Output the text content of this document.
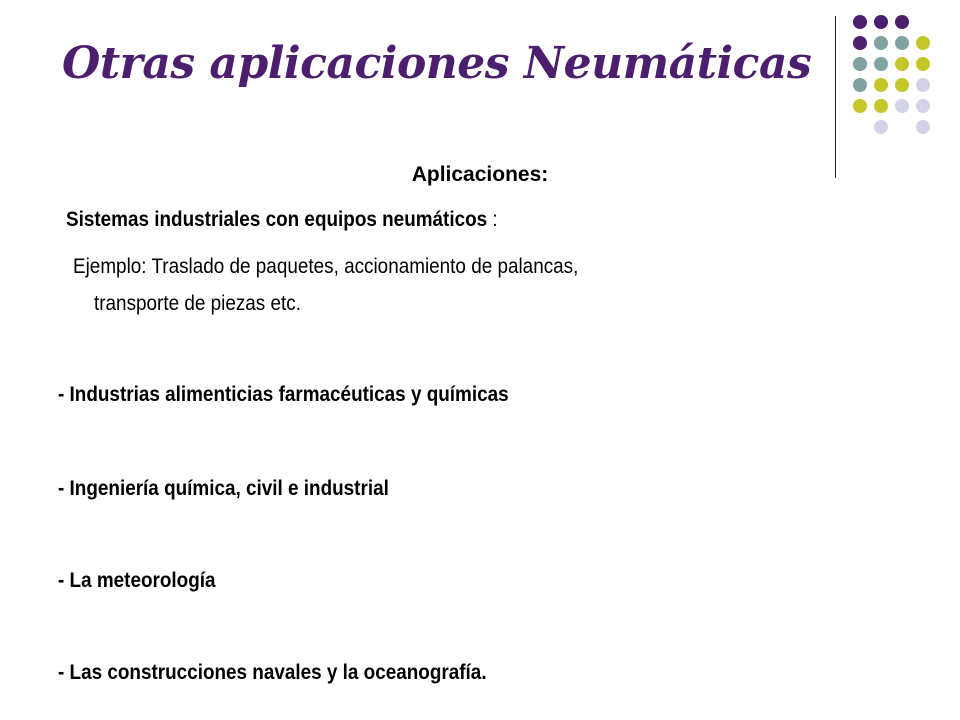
Otras aplicaciones Neumáticas
Aplicaciones:
Sistemas industriales con equipos neumáticos :
Ejemplo: Traslado de paquetes, accionamiento de palancas,
transporte de piezas etc.
- Industrias alimenticias farmacéuticas y químicas
- Ingeniería química, civil e industrial
- La meteorología
- Las construcciones navales y la oceanografía.
